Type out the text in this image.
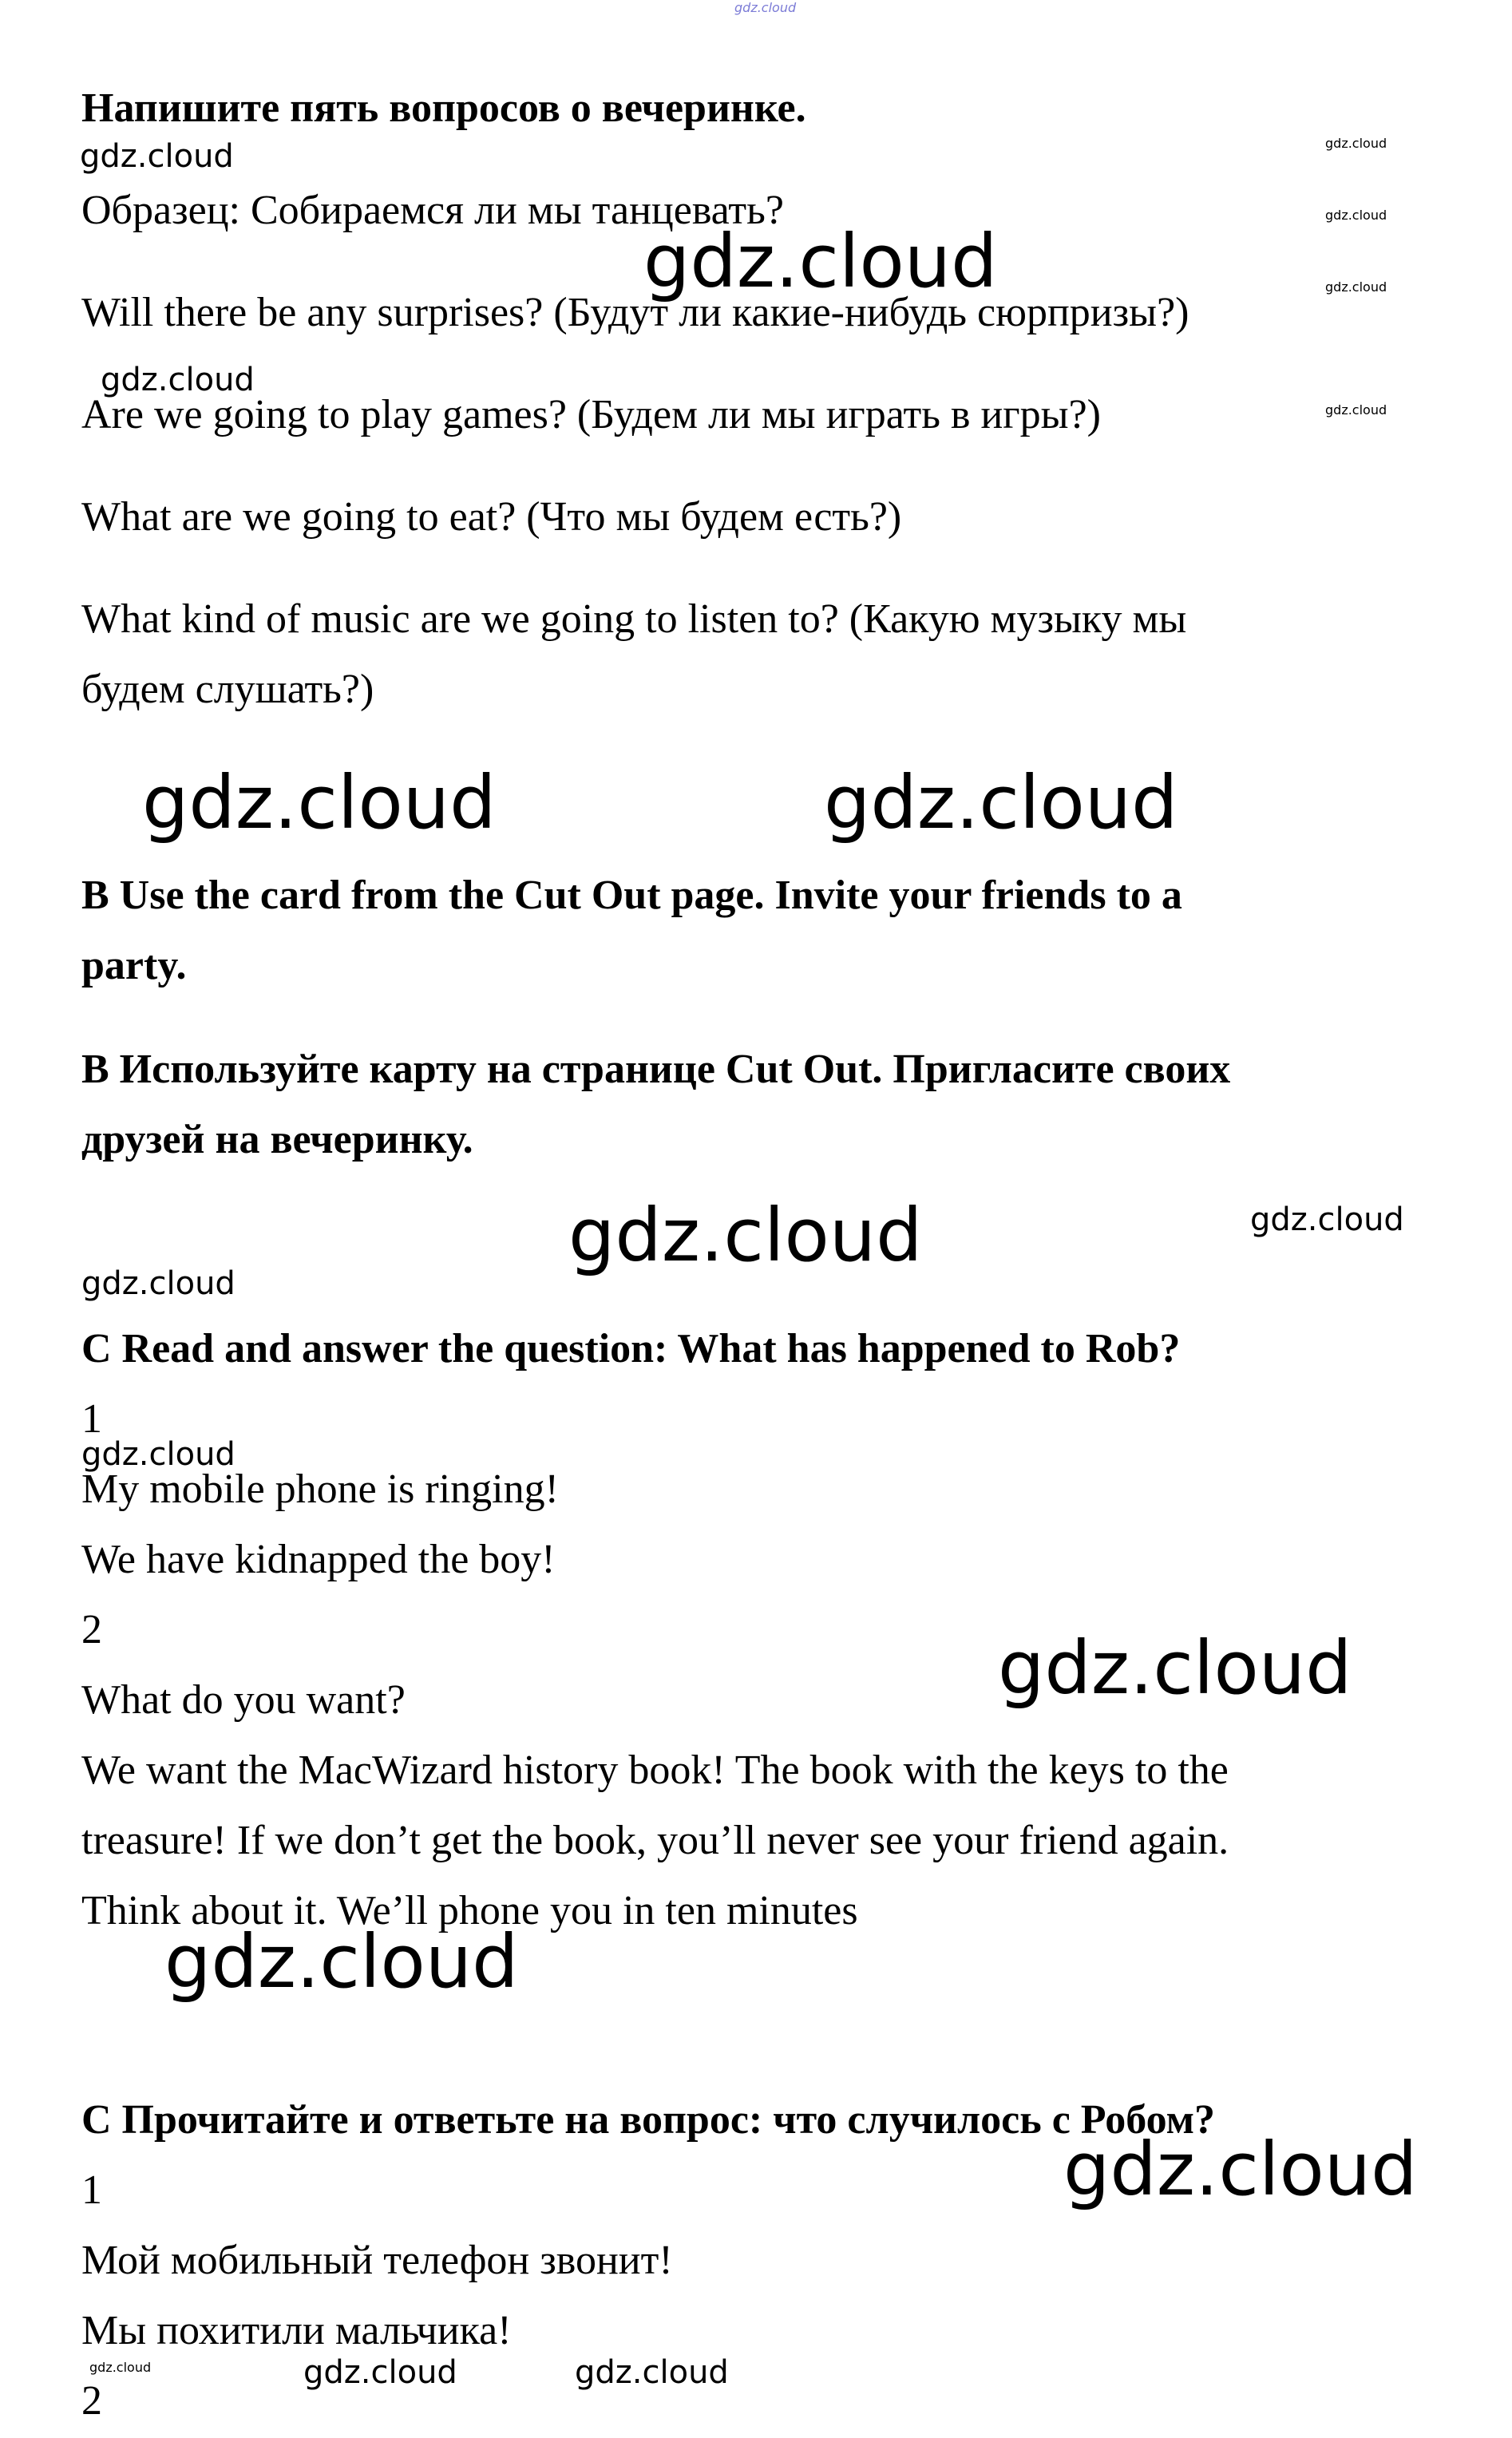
gdz.cloud
Напишите пять вопросов о вечеринке.
Образец: Собираемся ли мы танцевать?
Will there be any surprises? (Будут ли какие-нибудь сюрпризы?)
Are we going to play games? (Будем ли мы играть в игры?)
What are we going to eat? (Что мы будем есть?)
What kind of music are we going to listen to? (Какую музыку мы
будем слушать?)
B Use the card from the Cut Out page. Invite your friends to a
party.
В Используйте карту на странице Cut Out. Пригласите своих
друзей на вечеринку.
C Read and answer the question: What has happened to Rob?
1
My mobile phone is ringing!
We have kidnapped the boy!
2
What do you want?
We want the MacWizard history book! The book with the keys to the
treasure! If we don’t get the book, you’ll never see your friend again.
Think about it. We’ll phone you in ten minutes
С Прочитайте и ответьте на вопрос: что случилось с Робом?
1
Мой мобильный телефон звонит!
Мы похитили мальчика!
2
gdz.cloud	gdz.cloud
gdz.cloud
gdz.cloud	gdz.cloud
gdz.cloud
gdz.cloud
gdz.cloud	gdz.cloud
gdz.cloud	gdz.cloud
gdz.cloud
gdz.cloud
gdz.cloud
gdz.cloud
gdz.cloud
gdz.cloud	gdz.cloud	gdz.cloud
